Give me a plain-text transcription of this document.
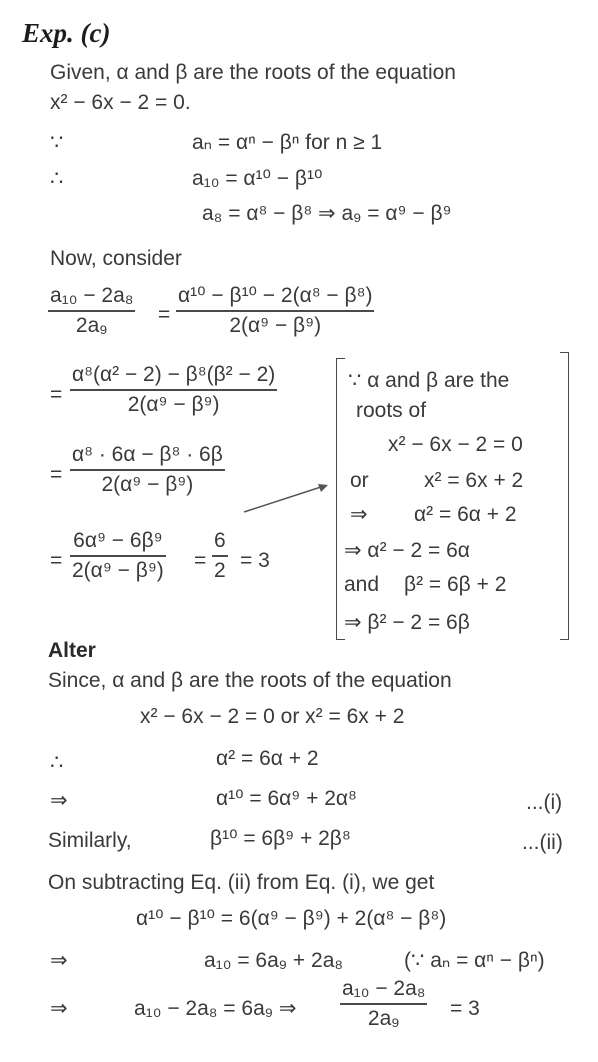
Exp. (c)
Given, α and β are the roots of the equation
x² − 6x − 2 = 0.
∵	aₙ = αⁿ − βⁿ for n ≥ 1
∴	a₁₀ = α¹⁰ − β¹⁰
a₈ = α⁸ − β⁸ ⇒ a₉ = α⁹ − β⁹
Now, consider
a₁₀ − 2a₈
2a₉ =
α¹⁰ − β¹⁰ − 2(α⁸ − β⁸)
2(α⁹ − β⁹)
=
α⁸(α² − 2) − β⁸(β² − 2)
2(α⁹ − β⁹)
=
α⁸ · 6α − β⁸ · 6β
2(α⁹ − β⁹)
=
6α⁹ − 6β⁹
2(α⁹ − β⁹) =
6
2 = 3
∵ α and β are the
roots of
x² − 6x − 2 = 0
or	x² = 6x + 2
⇒ α² = 6α + 2
⇒ α² − 2 = 6α
and β² = 6β + 2
⇒ β² − 2 = 6β
Alter
Since, α and β are the roots of the equation
x² − 6x − 2 = 0 or x² = 6x + 2
∴	α² = 6α + 2
⇒	α¹⁰ = 6α⁹ + 2α⁸	...(i)
Similarly,	β¹⁰ = 6β⁹ + 2β⁸	...(ii)
On subtracting Eq. (ii) from Eq. (i), we get
α¹⁰ − β¹⁰ = 6(α⁹ − β⁹) + 2(α⁸ − β⁸)
⇒	a₁₀ = 6a₉ + 2a₈	(∵ aₙ = αⁿ − βⁿ)
⇒	a₁₀ − 2a₈ = 6a₉ ⇒
a₁₀ − 2a₈
2a₉ = 3
